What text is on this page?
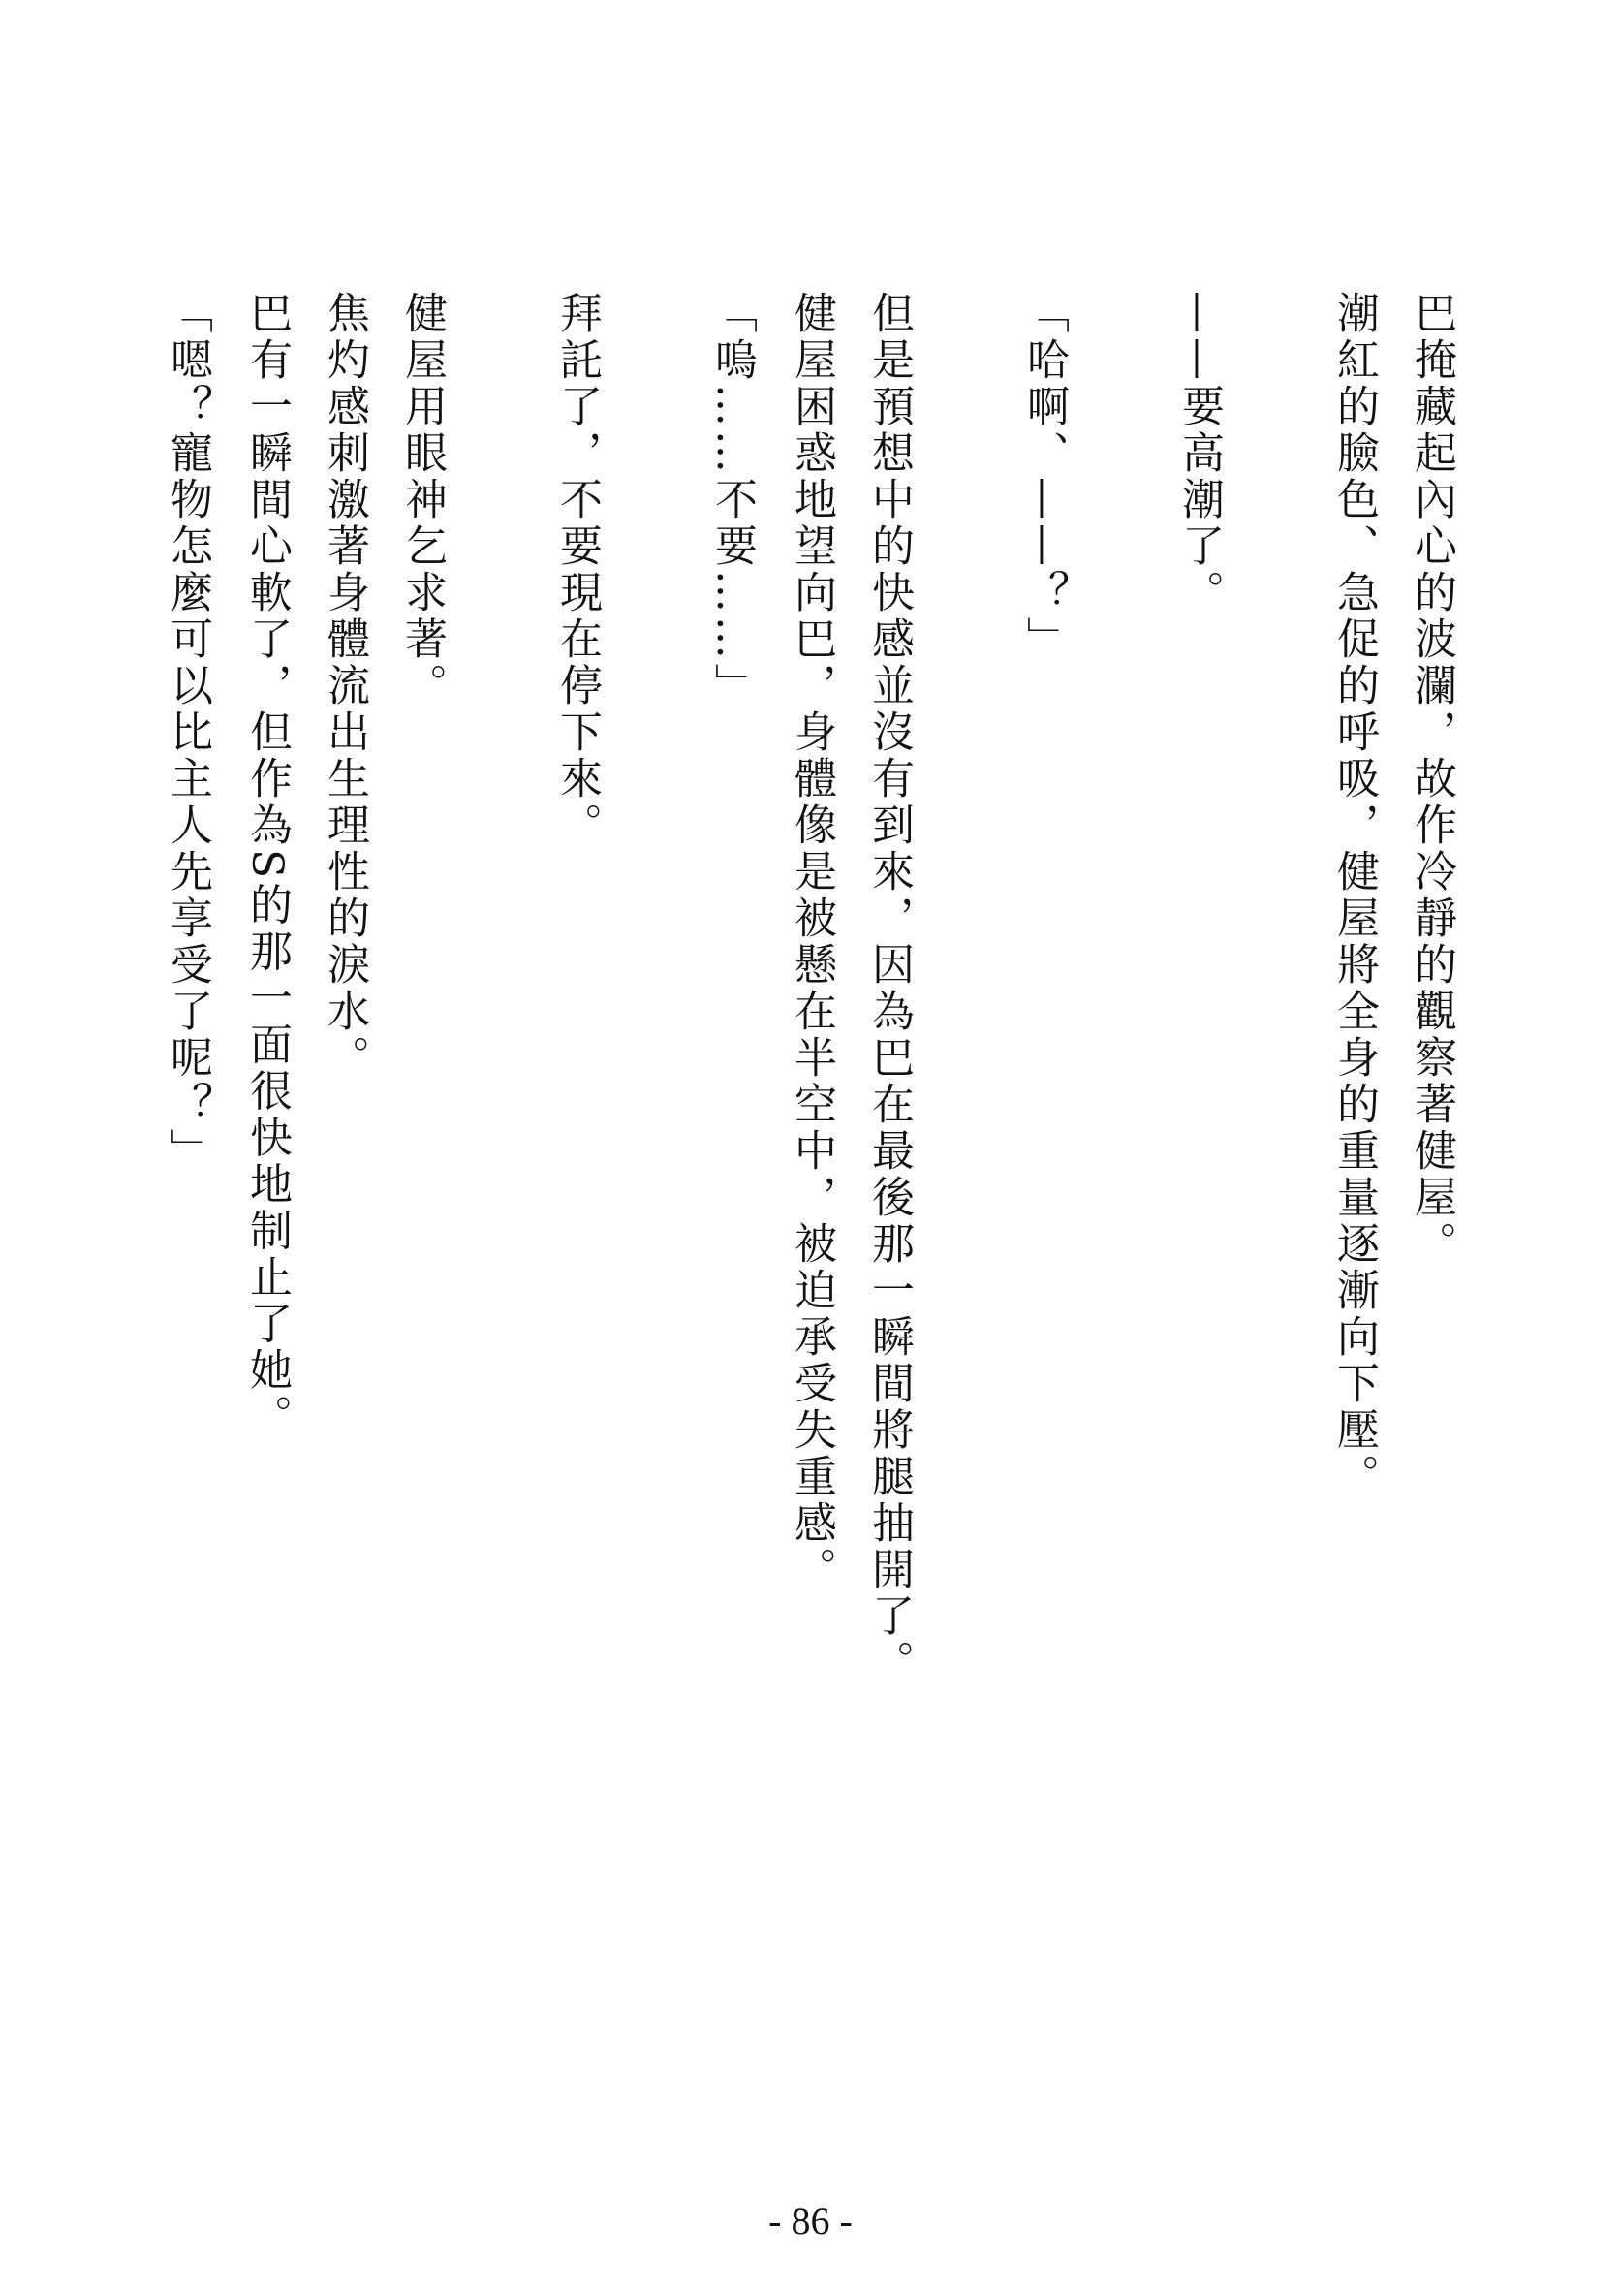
巴掩藏起內心的波瀾，故作冷靜的觀察著健屋。
潮紅的臉色、急促的呼吸，健屋將全身的重量逐漸向下壓。
——要高潮了。
「哈啊、——？」
但是預想中的快感並沒有到來，因為巴在最後那一瞬間將腿抽開了。
健屋困惑地望向巴，身體像是被懸在半空中，被迫承受失重感。
「嗚……不要……」
拜託了，不要現在停下來。
健屋用眼神乞求著。
焦灼感刺激著身體流出生理性的淚水。
巴有一瞬間心軟了，但作為S的那一面很快地制止了她。
「嗯？寵物怎麼可以比主人先享受了呢？」
- 86 -
